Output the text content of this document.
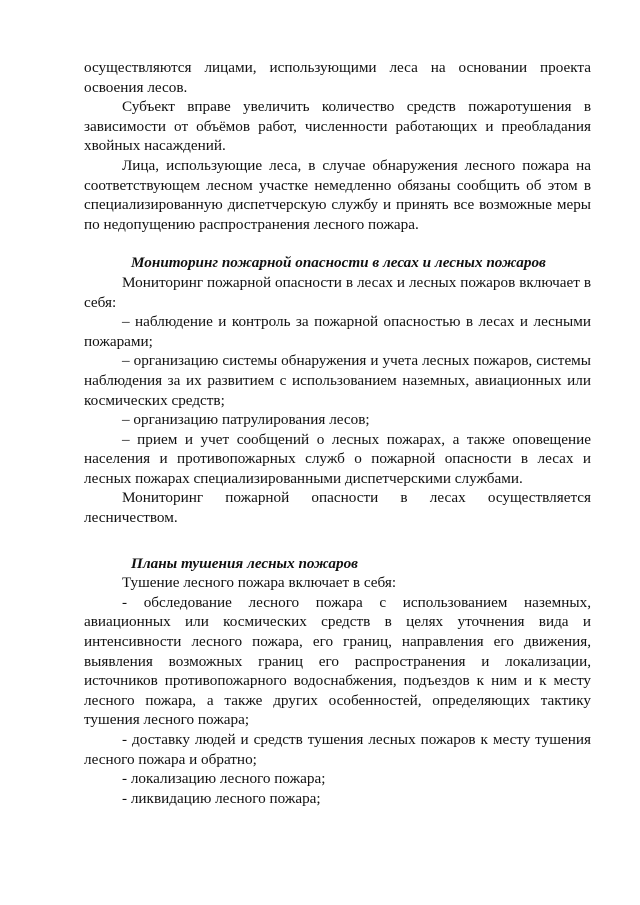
осуществляются лицами, использующими леса на основании проекта освоения лесов.

Субъект вправе увеличить количество средств пожаротушения в зависимости от объёмов работ, численности работающих и преобладания хвойных насаждений.

Лица, использующие леса, в случае обнаружения лесного пожара на соответствующем лесном участке немедленно обязаны сообщить об этом в специализированную диспетчерскую службу и принять все возможные меры по недопущению распространения лесного пожара.

Мониторинг пожарной опасности в лесах и лесных пожаров

Мониторинг пожарной опасности в лесах и лесных пожаров включает в себя:

– наблюдение и контроль за пожарной опасностью в лесах и лесными пожарами;

– организацию системы обнаружения и учета лесных пожаров, системы наблюдения за их развитием с использованием наземных, авиационных или космических средств;

– организацию патрулирования лесов;

– прием и учет сообщений о лесных пожарах, а также оповещение населения и противопожарных служб о пожарной опасности в лесах и лесных пожарах специализированными диспетчерскими службами.

Мониторинг пожарной опасности в лесах осуществляется лесничеством.

Планы тушения лесных пожаров

Тушение лесного пожара включает в себя:

- обследование лесного пожара с использованием наземных, авиационных или космических средств в целях уточнения вида и интенсивности лесного пожара, его границ, направления его движения, выявления возможных границ его распространения и локализации, источников противопожарного водоснабжения, подъездов к ним и к месту лесного пожара, а также других особенностей, определяющих тактику тушения лесного пожара;

- доставку людей и средств тушения лесных пожаров к месту тушения лесного пожара и обратно;

- локализацию лесного пожара;

- ликвидацию лесного пожара;
